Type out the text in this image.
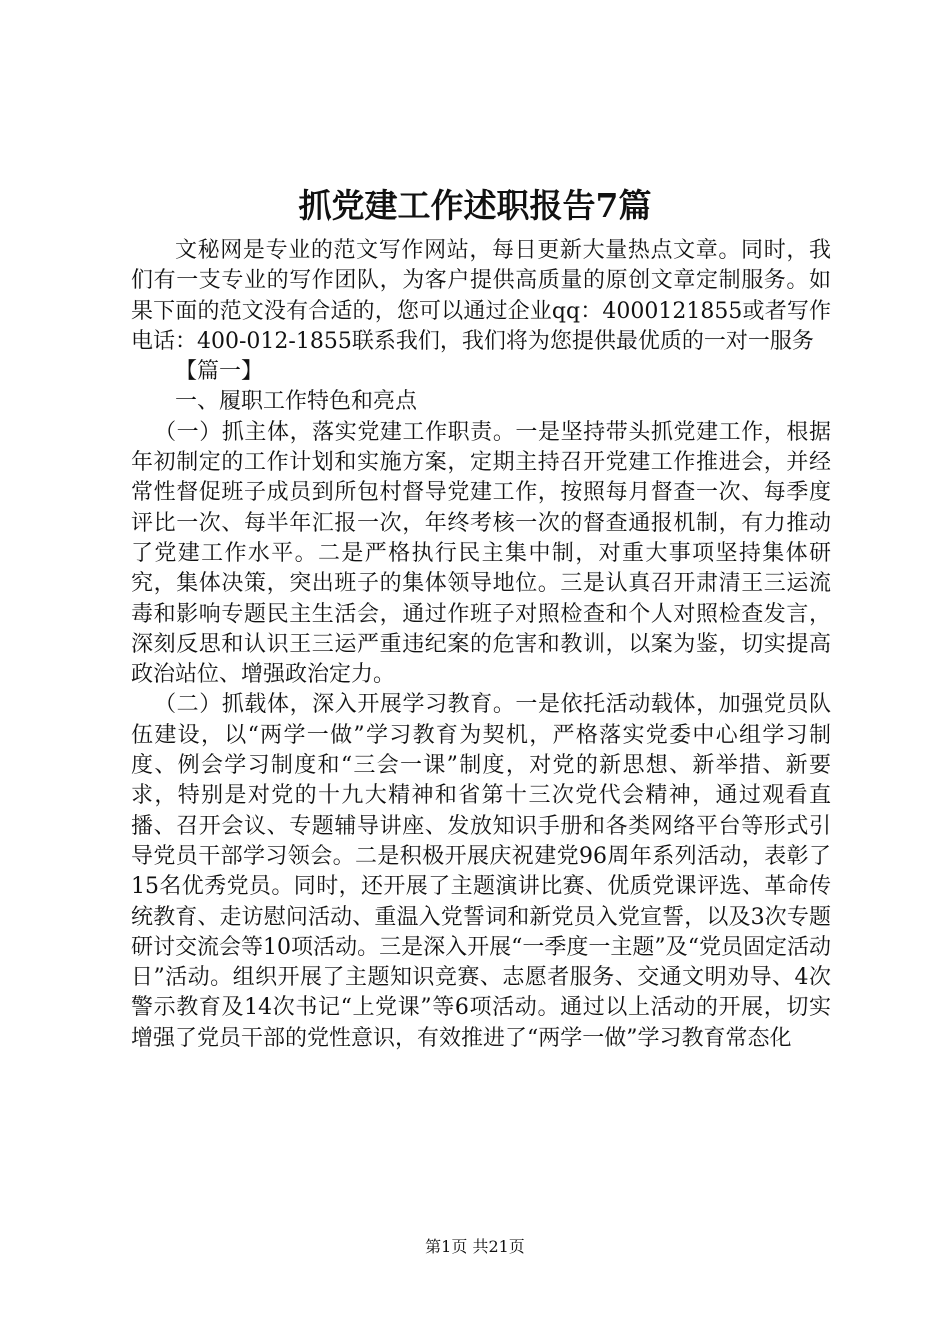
抓党建工作述职报告7篇

文秘网是专业的范文写作网站，每日更新大量热点文章。同时，我们有一支专业的写作团队，为客户提供高质量的原创文章定制服务。如果下面的范文没有合适的，您可以通过企业qq：4000121855或者写作电话：400-012-1855联系我们，我们将为您提供最优质的一对一服务

【篇一】

一、履职工作特色和亮点

（一）抓主体，落实党建工作职责。一是坚持带头抓党建工作，根据年初制定的工作计划和实施方案，定期主持召开党建工作推进会，并经常性督促班子成员到所包村督导党建工作，按照每月督查一次、每季度评比一次、每半年汇报一次，年终考核一次的督查通报机制，有力推动了党建工作水平。二是严格执行民主集中制，对重大事项坚持集体研究，集体决策，突出班子的集体领导地位。三是认真召开肃清王三运流毒和影响专题民主生活会，通过作班子对照检查和个人对照检查发言，深刻反思和认识王三运严重违纪案的危害和教训，以案为鉴，切实提高政治站位、增强政治定力。

（二）抓载体，深入开展学习教育。一是依托活动载体，加强党员队伍建设，以“两学一做”学习教育为契机，严格落实党委中心组学习制度、例会学习制度和“三会一课”制度，对党的新思想、新举措、新要求，特别是对党的十九大精神和省第十三次党代会精神，通过观看直播、召开会议、专题辅导讲座、发放知识手册和各类网络平台等形式引导党员干部学习领会。二是积极开展庆祝建党96周年系列活动，表彰了15名优秀党员。同时，还开展了主题演讲比赛、优质党课评选、革命传统教育、走访慰问活动、重温入党誓词和新党员入党宣誓，以及3次专题研讨交流会等10项活动。三是深入开展“一季度一主题”及“党员固定活动日”活动。组织开展了主题知识竞赛、志愿者服务、交通文明劝导、4次警示教育及14次书记“上党课”等6项活动。通过以上活动的开展，切实增强了党员干部的党性意识，有效推进了“两学一做”学习教育常态化

第1页 共21页
